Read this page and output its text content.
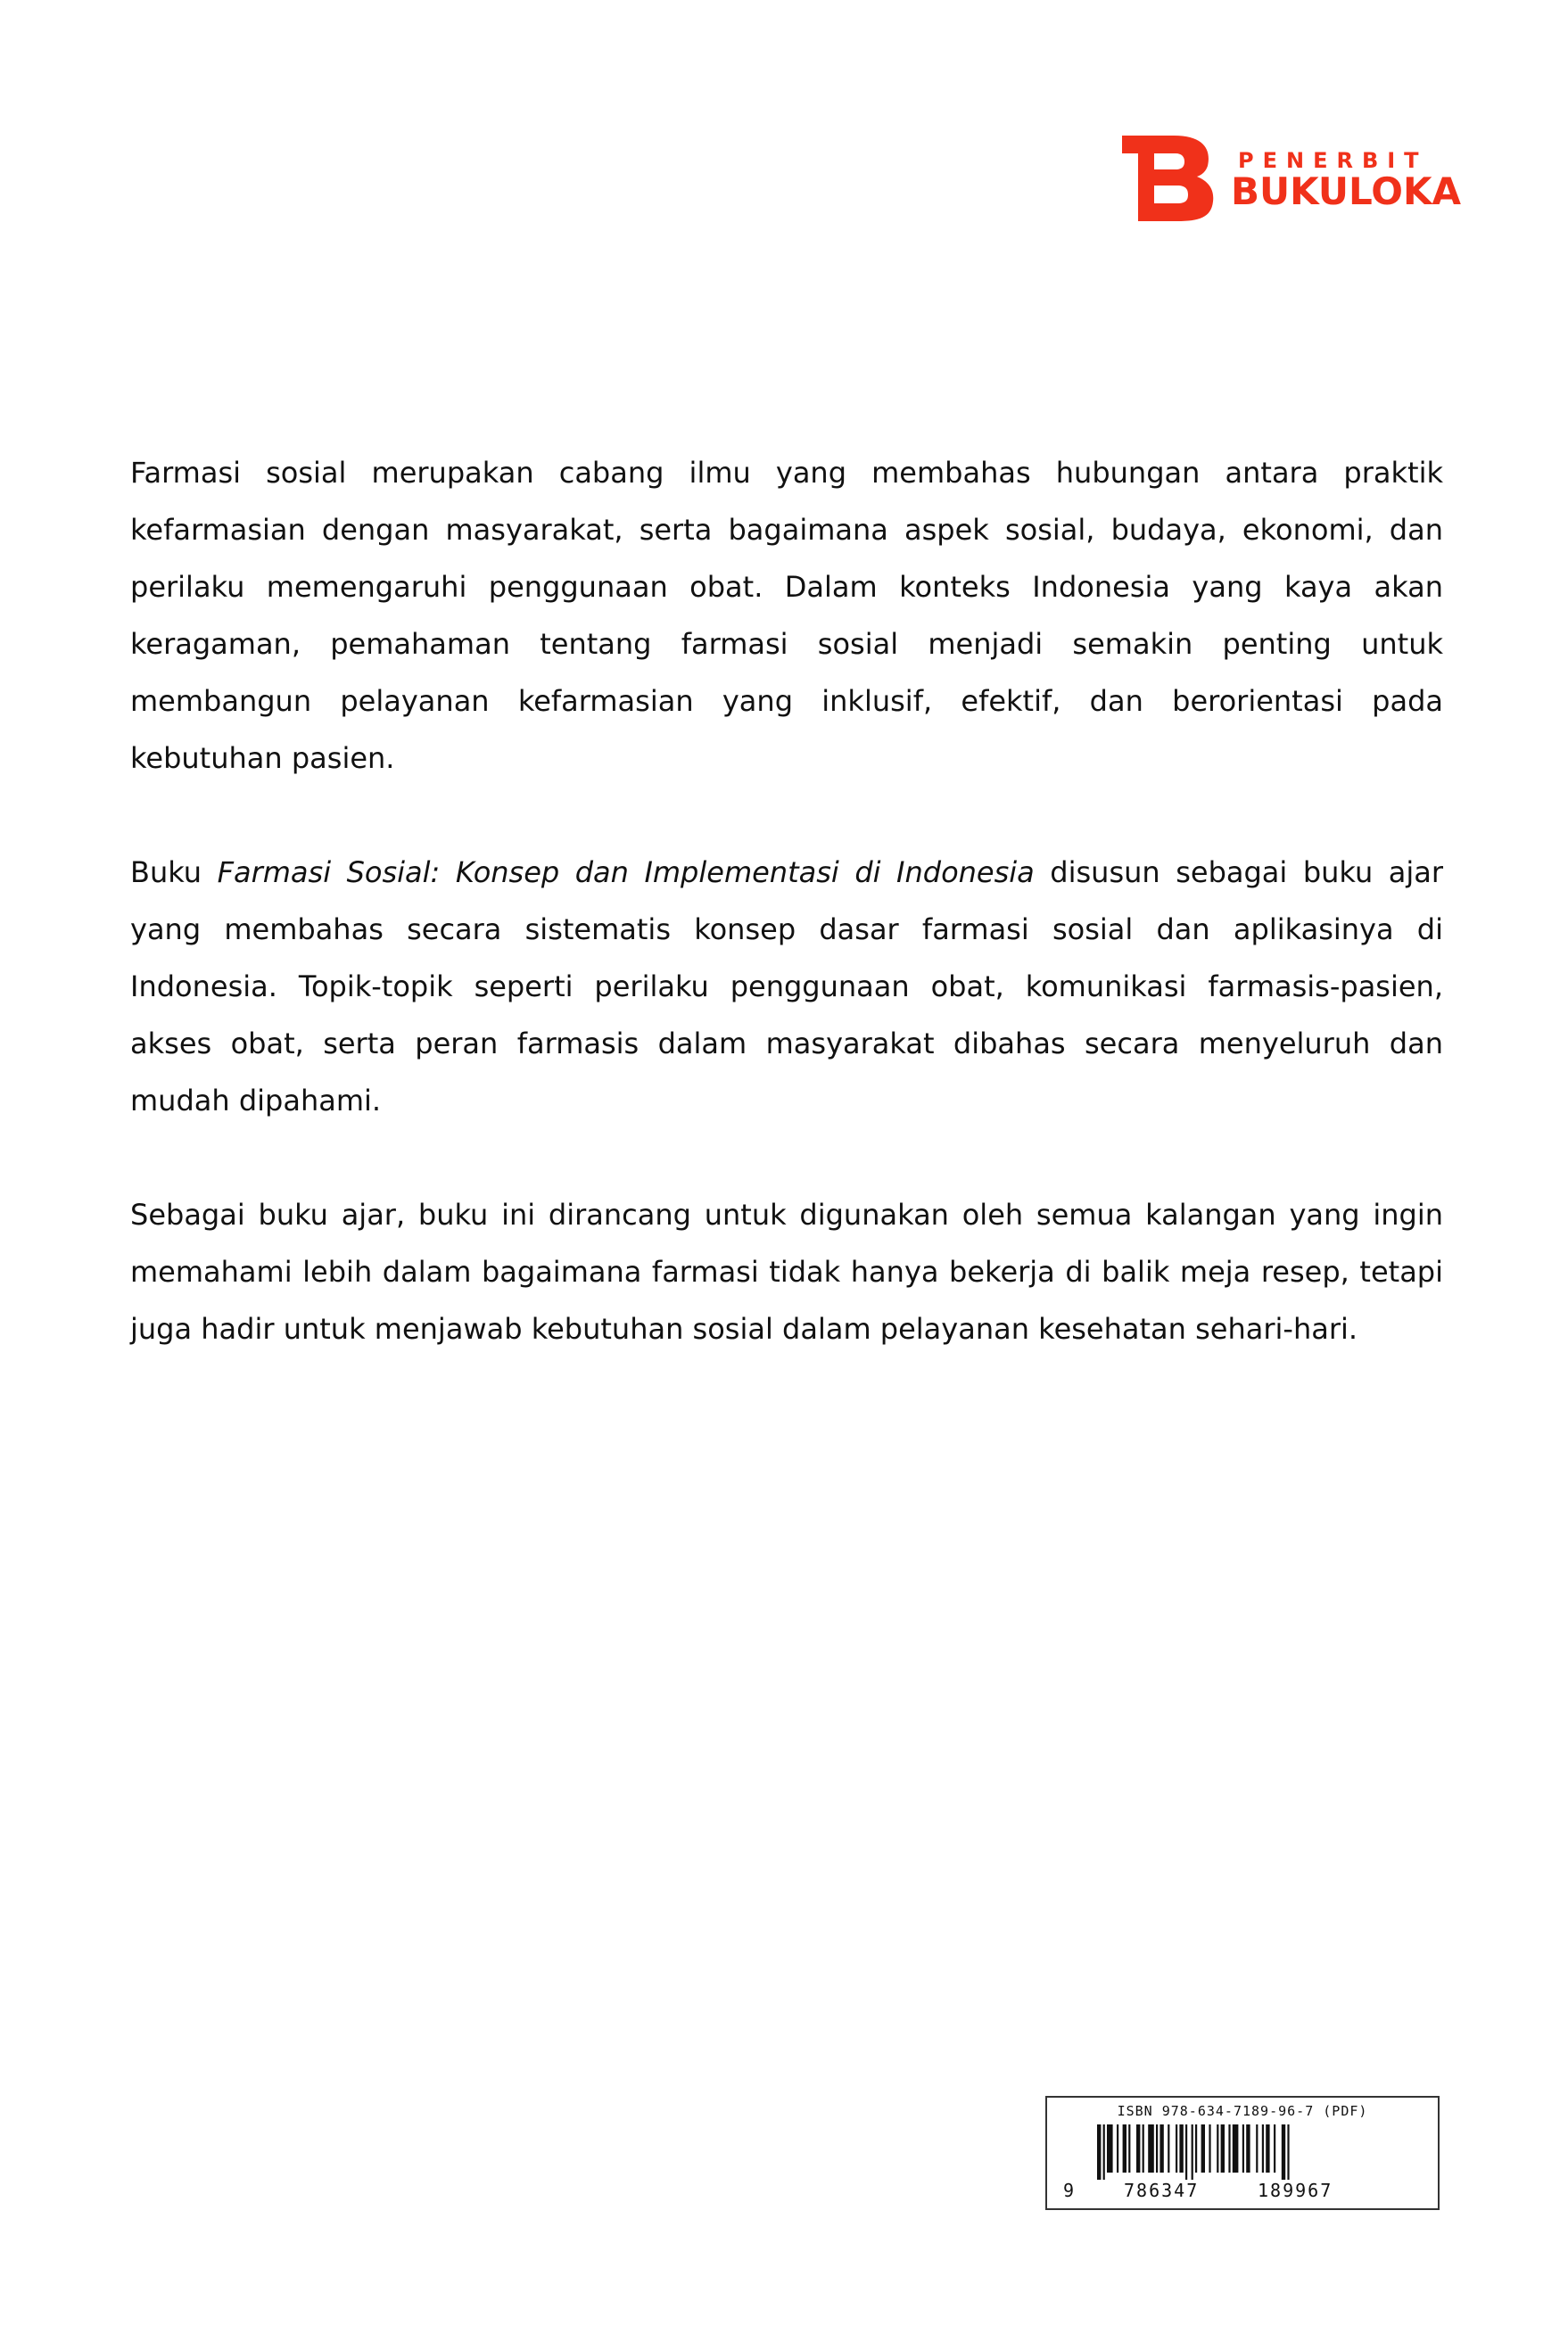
PENERBIT
BUKULOKA

Farmasi sosial merupakan cabang ilmu yang membahas hubungan antara praktik kefarmasian dengan masyarakat, serta bagaimana aspek sosial, budaya, ekonomi, dan perilaku memengaruhi penggunaan obat. Dalam konteks Indonesia yang kaya akan keragaman, pemahaman tentang farmasi sosial menjadi semakin penting untuk membangun pelayanan kefarmasian yang inklusif, efektif, dan berorientasi pada kebutuhan pasien.

Buku Farmasi Sosial: Konsep dan Implementasi di Indonesia disusun sebagai buku ajar yang membahas secara sistematis konsep dasar farmasi sosial dan aplikasinya di Indonesia. Topik-topik seperti perilaku penggunaan obat, komunikasi farmasis-pasien, akses obat, serta peran farmasis dalam masyarakat dibahas secara menyeluruh dan mudah dipahami.

Sebagai buku ajar, buku ini dirancang untuk digunakan oleh semua kalangan yang ingin memahami lebih dalam bagaimana farmasi tidak hanya bekerja di balik meja resep, tetapi juga hadir untuk menjawab kebutuhan sosial dalam pelayanan kesehatan sehari-hari.

ISBN 978-634-7189-96-7 (PDF)
9	786347	189967
